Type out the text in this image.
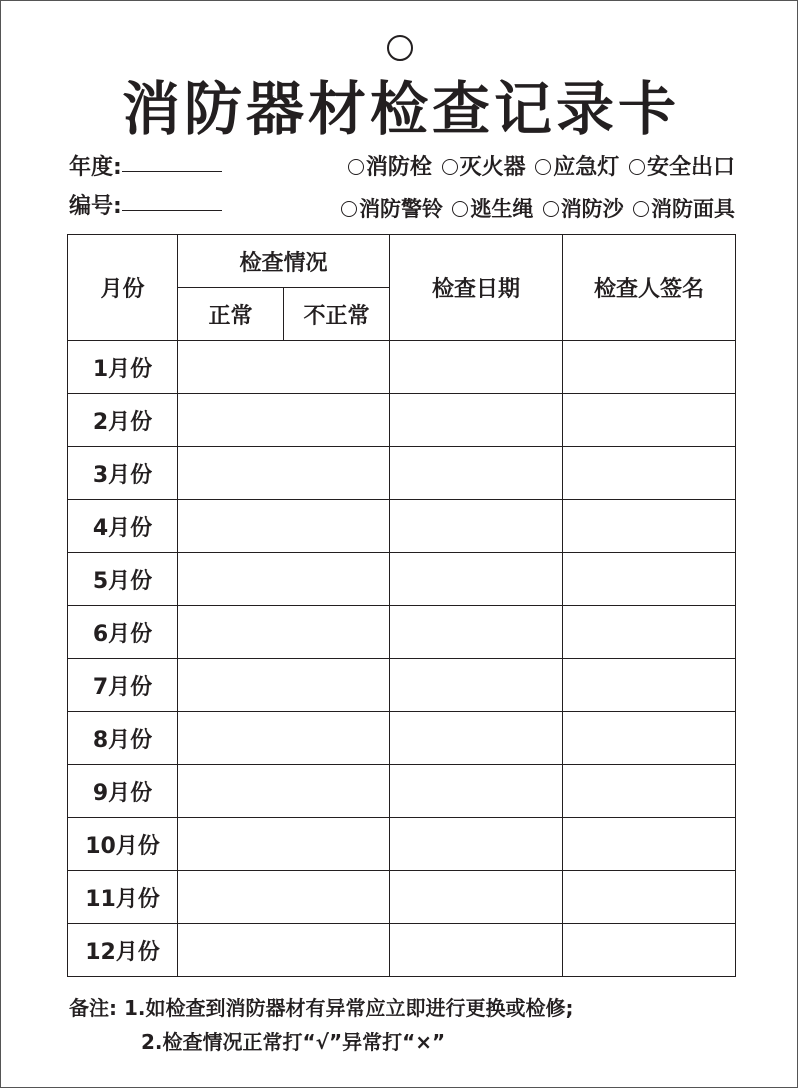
消防器材检查记录卡
年度:
编号:
消防栓 灭火器 应急灯 安全出口
消防警铃 逃生绳 消防沙 消防面具
月份	检查情况		检查日期	检查人签名
	正常	不正常		
1月份				
2月份				
3月份				
4月份				
5月份				
6月份				
7月份				
8月份				
9月份				
10月份				
11月份				
12月份				
备注: 1.如检查到消防器材有异常应立即进行更换或检修;
2.检查情况正常打“√”异常打“×”
